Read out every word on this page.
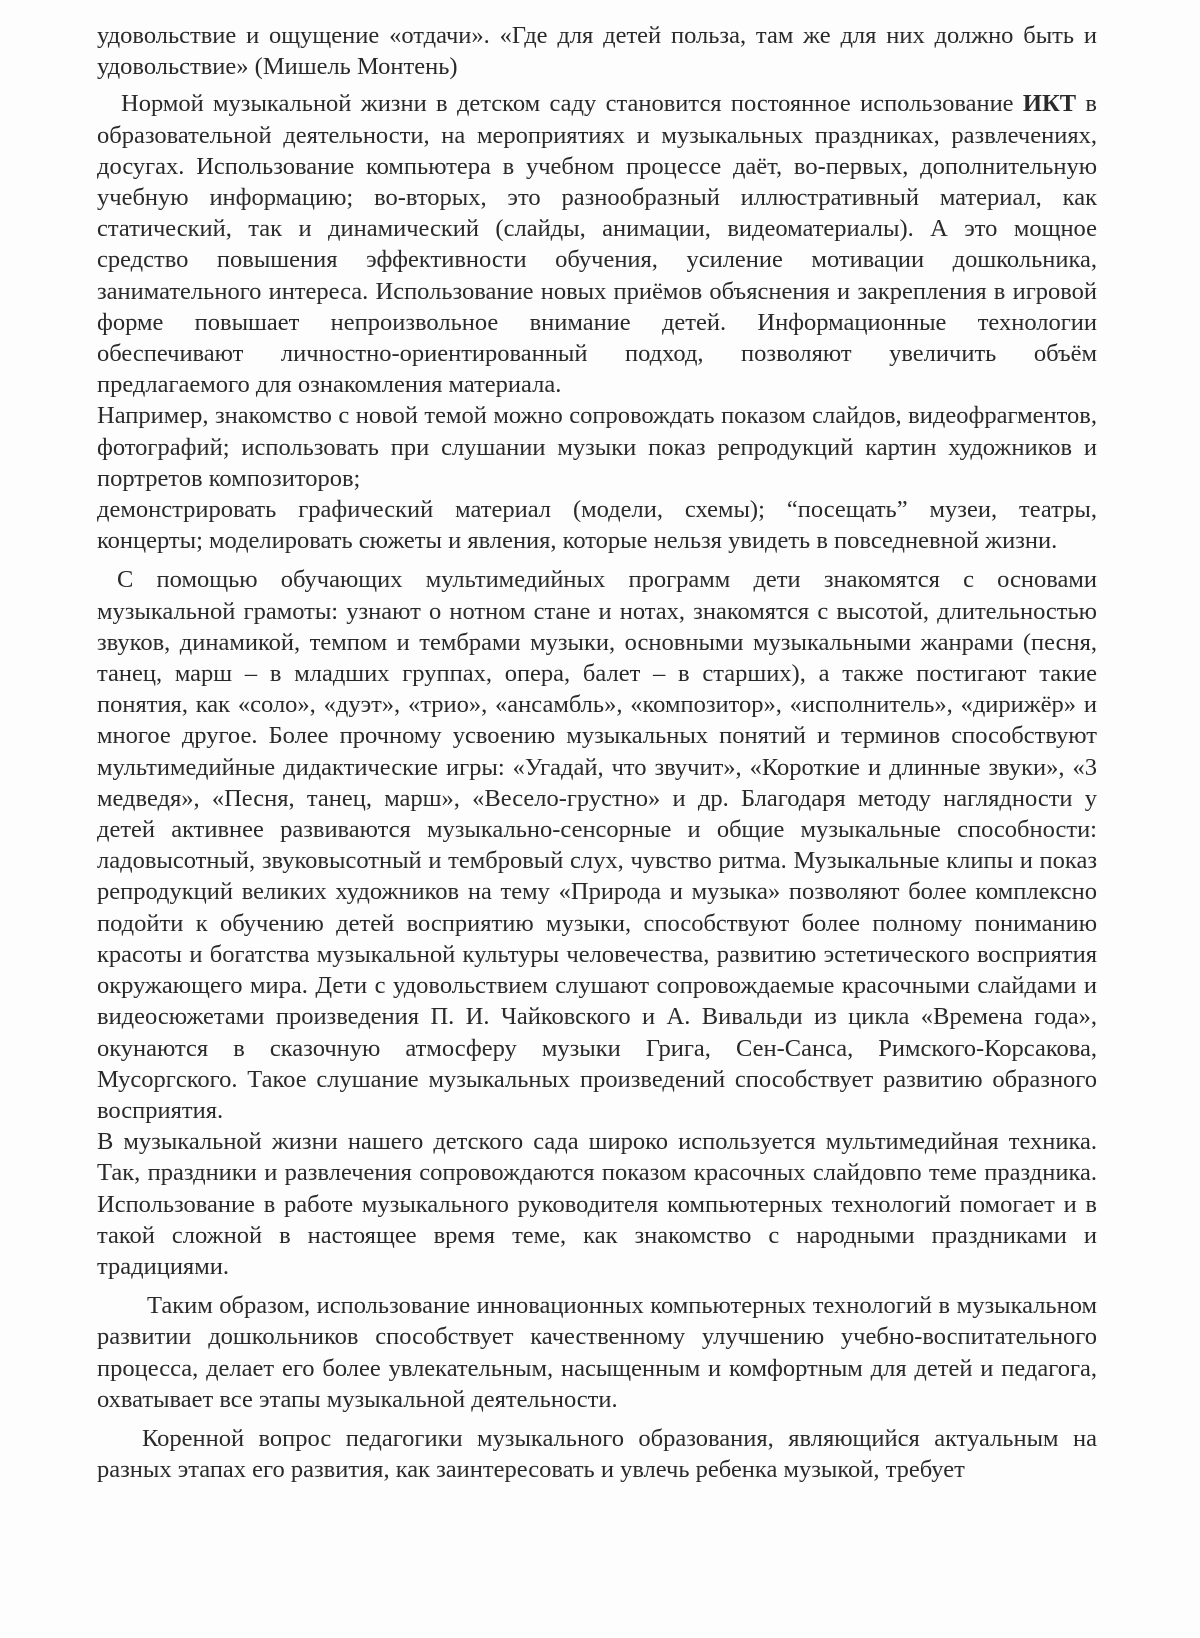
удовольствие и ощущение «отдачи». «Где для детей польза, там же для них должно быть и удовольствие» (Мишель Монтень)

Нормой музыкальной жизни в детском саду становится постоянное использование ИКТ в образовательной деятельности, на мероприятиях и музыкальных праздниках, развлечениях, досугах. Использование компьютера в учебном процессе даёт, во-первых, дополнительную учебную информацию; во-вторых, это разнообразный иллюстративный материал, как статический, так и динамический (слайды, анимации, видеоматериалы). А это мощное средство повышения эффективности обучения, усиление мотивации дошкольника, занимательного интереса. Использование новых приёмов объяснения и закрепления в игровой форме повышает непроизвольное внимание детей. Информационные технологии обеспечивают личностно-ориентированный подход, позволяют увеличить объём предлагаемого для ознакомления материала.

Например, знакомство с новой темой можно сопровождать показом слайдов, видеофрагментов, фотографий; использовать при слушании музыки показ репродукций картин художников и портретов композиторов;

демонстрировать графический материал (модели, схемы); “посещать” музеи, театры, концерты; моделировать сюжеты и явления, которые нельзя увидеть в повседневной жизни.

С помощью обучающих мультимедийных программ дети знакомятся с основами музыкальной грамоты: узнают о нотном стане и нотах, знакомятся с высотой, длительностью звуков, динамикой, темпом и тембрами музыки, основными музыкальными жанрами (песня, танец, марш – в младших группах, опера, балет – в старших), а также постигают такие понятия, как «соло», «дуэт», «трио», «ансамбль», «композитор», «исполнитель», «дирижёр» и многое другое. Более прочному усвоению музыкальных понятий и терминов способствуют мультимедийные дидактические игры: «Угадай, что звучит», «Короткие и длинные звуки», «3 медведя», «Песня, танец, марш», «Весело-грустно» и др. Благодаря методу наглядности у детей активнее развиваются музыкально-сенсорные и общие музыкальные способности: ладовысотный, звуковысотный и тембровый слух, чувство ритма. Музыкальные клипы и показ репродукций великих художников на тему «Природа и музыка» позволяют более комплексно подойти к обучению детей восприятию музыки, способствуют более полному пониманию красоты и богатства музыкальной культуры человечества, развитию эстетического восприятия окружающего мира. Дети с удовольствием слушают сопровождаемые красочными слайдами и видеосюжетами произведения П. И. Чайковского и А. Вивальди из цикла «Времена года», окунаются в сказочную атмосферу музыки Грига, Сен-Санса, Римского-Корсакова, Мусоргского. Такое слушание музыкальных произведений способствует развитию образного восприятия.

В музыкальной жизни нашего детского сада широко используется мультимедийная техника. Так, праздники и развлечения сопровождаются показом красочных слайдовпо теме праздника. Использование в работе музыкального руководителя компьютерных технологий помогает и в такой сложной в настоящее время теме, как знакомство с народными праздниками и традициями.

Таким образом, использование инновационных компьютерных технологий в музыкальном развитии дошкольников способствует качественному улучшению учебно-воспитательного процесса, делает его более увлекательным, насыщенным и комфортным для детей и педагога, охватывает все этапы музыкальной деятельности.

Коренной вопрос педагогики музыкального образования, являющийся актуальным на разных этапах его развития, как заинтересовать и увлечь ребенка музыкой, требует
